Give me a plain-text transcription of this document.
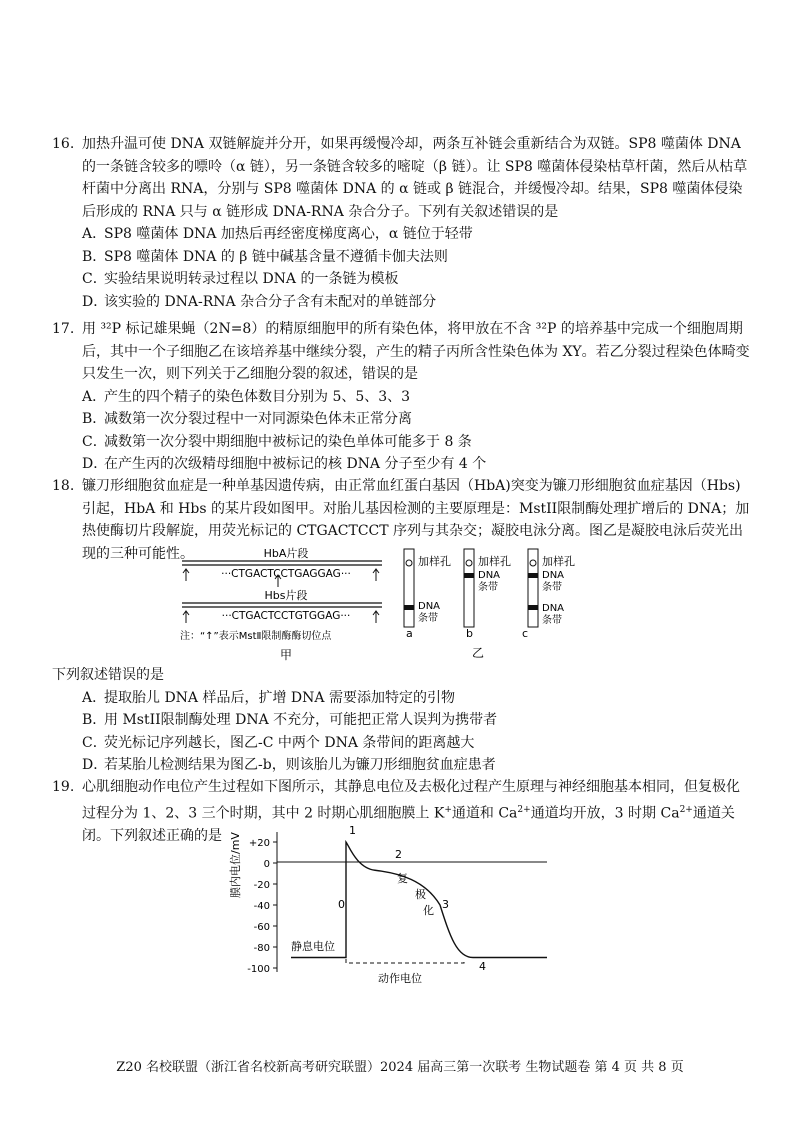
16. 加热升温可使 DNA 双链解旋并分开，如果再缓慢冷却，两条互补链会重新结合为双链。SP8 噬菌体 DNA 的一条链含较多的嘌呤（α 链），另一条链含较多的嘧啶（β 链）。让 SP8 噬菌体侵染枯草杆菌，然后从枯草杆菌中分离出 RNA，分别与 SP8 噬菌体 DNA 的 α 链或 β 链混合，并缓慢冷却。结果，SP8 噬菌体侵染后形成的 RNA 只与 α 链形成 DNA-RNA 杂合分子。下列有关叙述错误的是
A．SP8 噬菌体 DNA 加热后再经密度梯度离心，α 链位于轻带
B．SP8 噬菌体 DNA 的 β 链中碱基含量不遵循卡伽夫法则
C．实验结果说明转录过程以 DNA 的一条链为模板
D．该实验的 DNA-RNA 杂合分子含有未配对的单链部分
17. 用 ³²P 标记雄果蝇（2N=8）的精原细胞甲的所有染色体，将甲放在不含 ³²P 的培养基中完成一个细胞周期后，其中一个子细胞乙在该培养基中继续分裂，产生的精子丙所含性染色体为 XY。若乙分裂过程染色体畸变只发生一次，则下列关于乙细胞分裂的叙述，错误的是
A．产生的四个精子的染色体数目分别为 5、5、3、3
B．减数第一次分裂过程中一对同源染色体未正常分离
C．减数第一次分裂中期细胞中被标记的染色单体可能多于 8 条
D．在产生丙的次级精母细胞中被标记的核 DNA 分子至少有 4 个
18. 镰刀形细胞贫血症是一种单基因遗传病，由正常血红蛋白基因（HbA)突变为镰刀形细胞贫血症基因（Hbs)引起，HbA 和 Hbs 的某片段如图甲。对胎儿基因检测的主要原理是：MstII限制酶处理扩增后的 DNA；加热使酶切片段解旋，用荧光标记的 CTGACTCCT 序列与其杂交；凝胶电泳分离。图乙是凝胶电泳后荧光出现的三种可能性。	HbA片段
···CTGACTCCTGAGGAG···
Hbs片段
···CTGACTCCTGTGGAG···
注：“↑”表示MstⅡ限制酶酶切位点
甲
加样孔
DNA
条带
a
加样孔
DNA
条带
b
加样孔
DNA
条带
DNA
条带
c
乙
下列叙述错误的是
A．提取胎儿 DNA 样品后，扩增 DNA 需要添加特定的引物
B．用 MstII限制酶处理 DNA 不充分，可能把正常人误判为携带者
C．荧光标记序列越长，图乙-C 中两个 DNA 条带间的距离越大
D．若某胎儿检测结果为图乙-b，则该胎儿为镰刀形细胞贫血症患者
19. 心肌细胞动作电位产生过程如下图所示，其静息电位及去极化过程产生原理与神经细胞基本相同，但复极化过程分为 1、2、3 三个时期，其中 2 时期心肌细胞膜上 K+通道和 $Ca^{2+}$通道均开放，3 时期 $Ca^{2+}$通道关闭。下列叙述正确的是 膜内电位/mV +20
0
-20
-40
-60
-80
-100
1
2
复
极
化 3
0
4
静息电位
动作电位
Z20 名校联盟（浙江省名校新高考研究联盟）2024 届高三第一次联考 生物试题卷 第 4 页 共 8 页
